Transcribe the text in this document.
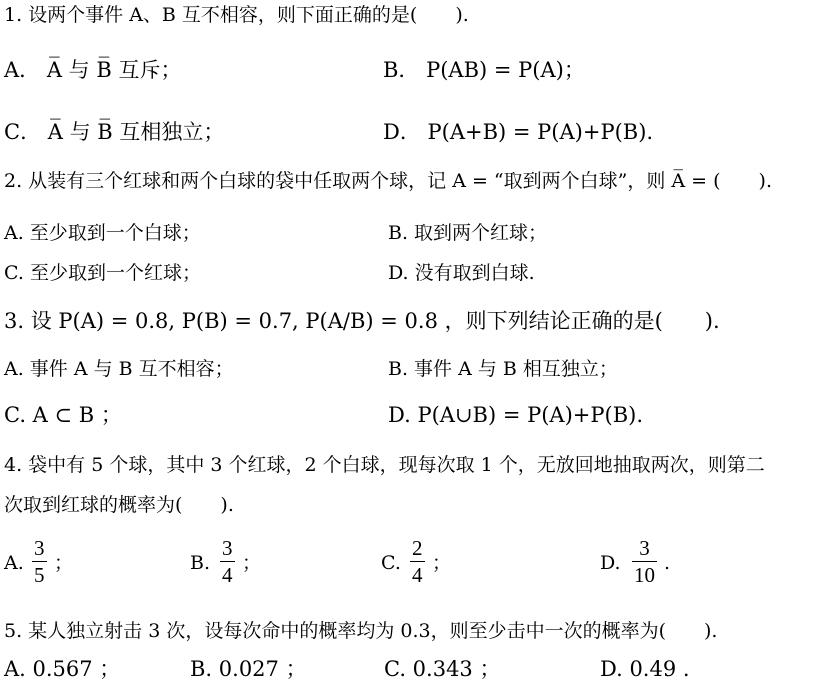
1. 设两个事件 A、B 互不相容，则下面正确的是(　　).
A． A̅ 与 B̅ 互斥；	B． P(AB) = P(A)；
C． A̅ 与 B̅ 互相独立；	D． P(A+B) = P(A)+P(B).
2. 从装有三个红球和两个白球的袋中任取两个球，记 A = “取到两个白球”，则 A̅ = (　　).
A. 至少取到一个白球；	B. 取到两个红球；
C. 至少取到一个红球；	D. 没有取到白球.
3. 设 P(A) = 0.8, P(B) = 0.7, P(A/B) = 0.8 ，则下列结论正确的是(　　).
A. 事件 A 与 B 互不相容；	B. 事件 A 与 B 相互独立；
C. A ⊂ B ；	D. P(A∪B) = P(A)+P(B).
4. 袋中有 5 个球，其中 3 个红球，2 个白球，现每次取 1 个，无放回地抽取两次，则第二
次取到红球的概率为(　　).
A. $\frac{3}{5}$ ；	B. $\frac{3}{4}$ ；	C. $\frac{2}{4}$ ；	D. $\frac{3}{10}$ .
5. 某人独立射击 3 次，设每次命中的概率均为 0.3，则至少击中一次的概率为(　　).
A. 0.567 ；	B. 0.027 ；	C. 0.343 ；	D. 0.49 .
